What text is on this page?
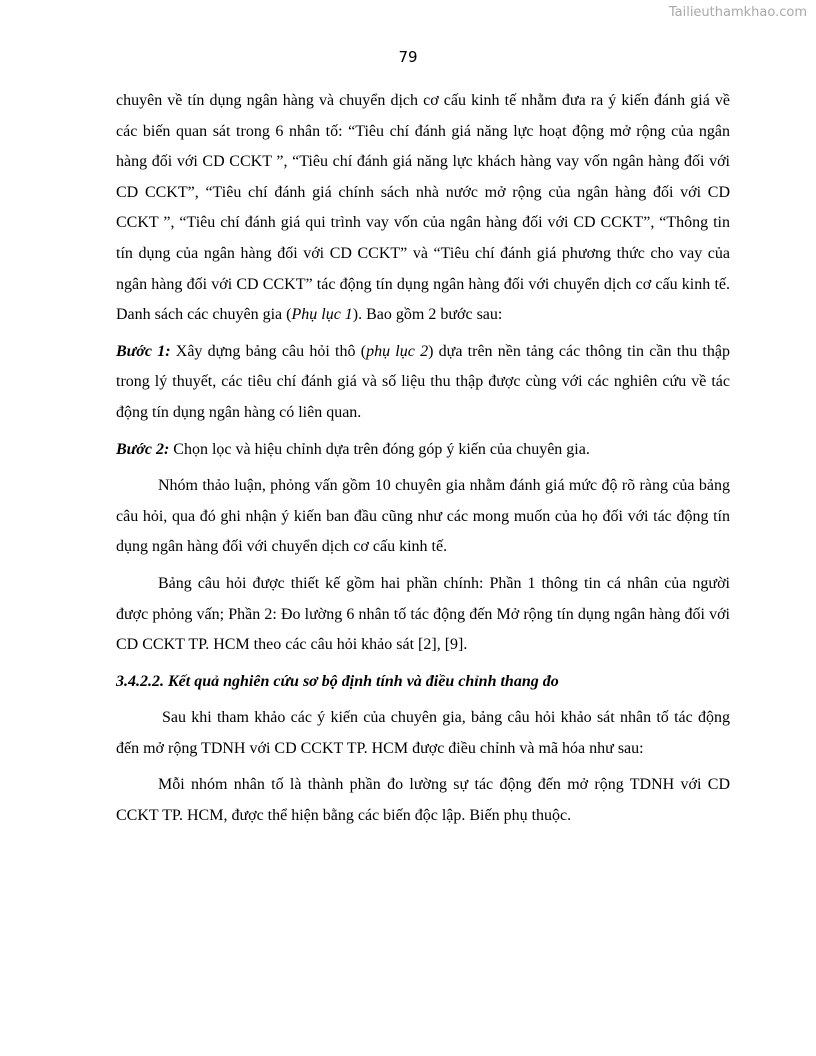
Tailieuthamkhao.com
79

chuyên về tín dụng ngân hàng và chuyển dịch cơ cấu kinh tế nhằm đưa ra ý kiến đánh giá về các biến quan sát trong 6 nhân tố: “Tiêu chí đánh giá năng lực hoạt động mở rộng của ngân hàng đối với CD CCKT ”, “Tiêu chí đánh giá năng lực khách hàng vay vốn ngân hàng đối với CD CCKT”, “Tiêu chí đánh giá chính sách nhà nước mở rộng của ngân hàng đối với CD CCKT ”, “Tiêu chí đánh giá qui trình vay vốn của ngân hàng đối với CD CCKT”, “Thông tin tín dụng của ngân hàng đối với CD CCKT” và “Tiêu chí đánh giá phương thức cho vay của ngân hàng đối với CD CCKT” tác động tín dụng ngân hàng đối với chuyển dịch cơ cấu kinh tế. Danh sách các chuyên gia (Phụ lục 1). Bao gồm 2 bước sau:

Bước 1: Xây dựng bảng câu hỏi thô (phụ lục 2) dựa trên nền tảng các thông tin cần thu thập trong lý thuyết, các tiêu chí đánh giá và số liệu thu thập được cùng với các nghiên cứu về tác động tín dụng ngân hàng có liên quan.

Bước 2: Chọn lọc và hiệu chỉnh dựa trên đóng góp ý kiến của chuyên gia.

Nhóm thảo luận, phỏng vấn gồm 10 chuyên gia nhằm đánh giá mức độ rõ ràng của bảng câu hỏi, qua đó ghi nhận ý kiến ban đầu cũng như các mong muốn của họ đối với tác động tín dụng ngân hàng đối với chuyển dịch cơ cấu kinh tế.

Bảng câu hỏi được thiết kế gồm hai phần chính: Phần 1 thông tin cá nhân của người được phỏng vấn; Phần 2: Đo lường 6 nhân tố tác động đến Mở rộng tín dụng ngân hàng đối với CD CCKT TP. HCM theo các câu hỏi khảo sát [2], [9].

3.4.2.2. Kết quả nghiên cứu sơ bộ định tính và điều chỉnh thang đo

Sau khi tham khảo các ý kiến của chuyên gia, bảng câu hỏi khảo sát nhân tố tác động đến mở rộng TDNH với CD CCKT TP. HCM được điều chỉnh và mã hóa như sau:

Mỗi nhóm nhân tố là thành phần đo lường sự tác động đến mở rộng TDNH với CD CCKT TP. HCM, được thể hiện bằng các biến độc lập. Biến phụ thuộc.
